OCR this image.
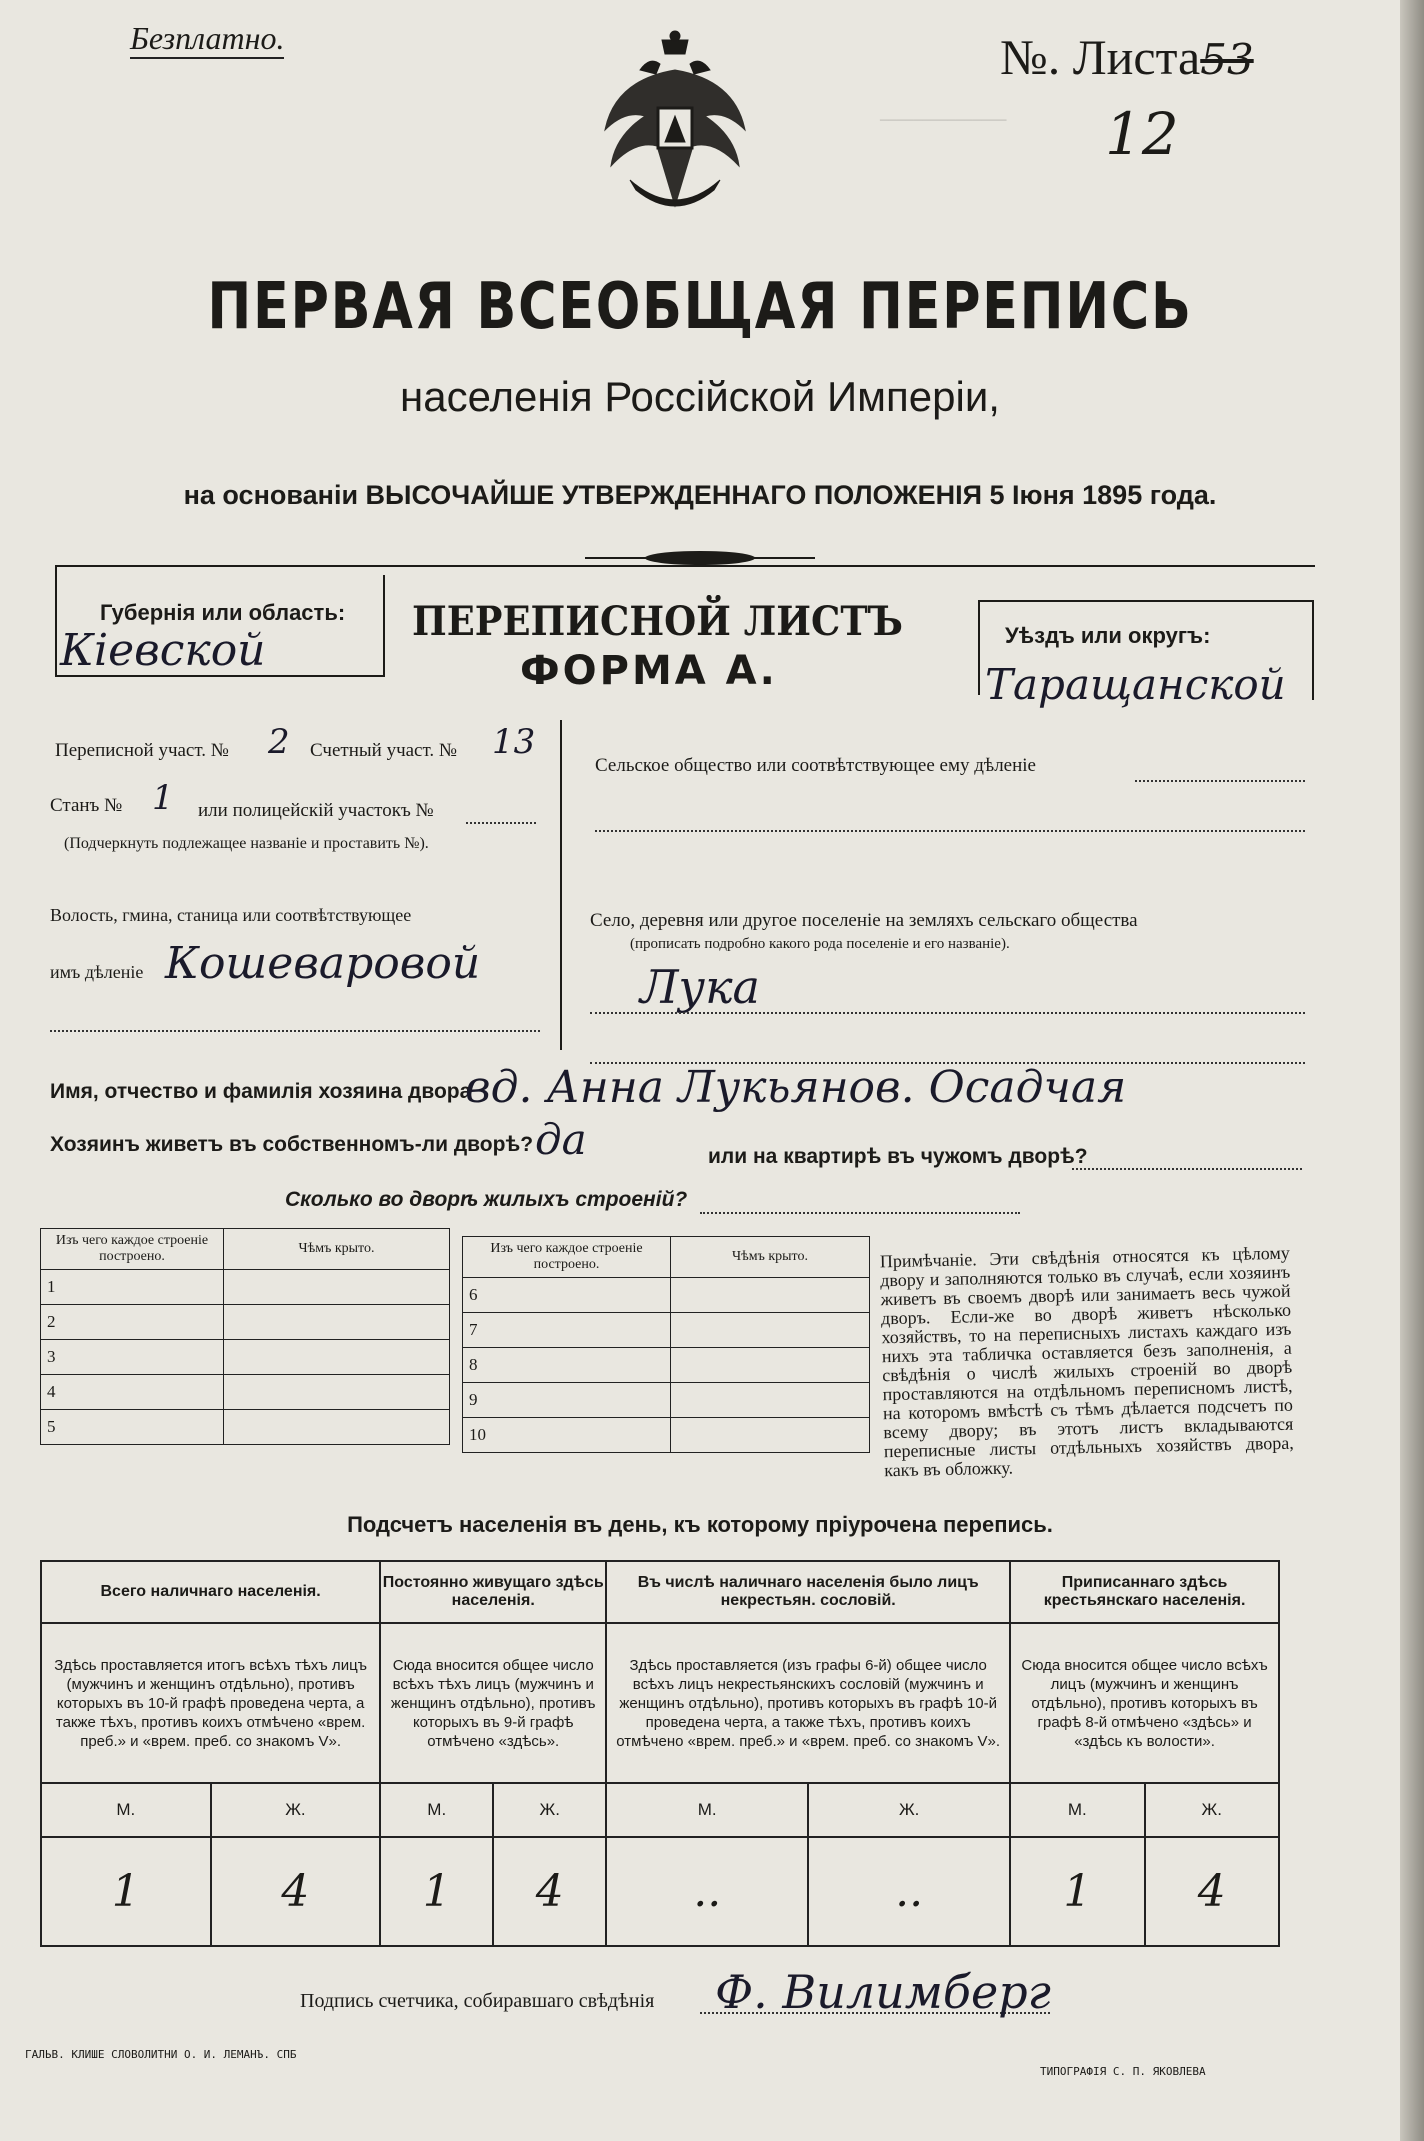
───────────────
Безплатно.	№. Листа53
12
ПЕРВАЯ ВСЕОБЩАЯ ПЕРЕПИСЬ
населенія Россійской Имперіи,
на основаніи ВЫСОЧАЙШЕ УТВЕРЖДЕННАГО ПОЛОЖЕНІЯ 5 Іюня 1895 года.
Губернія или область:
Кіевской
ПЕРЕПИСНОЙ ЛИСТЪ
ФОРМА А.
Уѣздъ или округъ:
Таращанской
Переписной участ. № 2 Счетный участ. № 13
Станъ № 1 или полицейскій участокъ №
(Подчеркнуть подлежащее названіе и проставить №).
Волость, гмина, станица или соотвѣтствующее
имъ дѣленіе Кошеваровой
Сельское общество или соотвѣтствующее ему дѣленіе
Село, деревня или другое поселеніе на земляхъ сельскаго общества
(прописать подробно какого рода поселеніе и его названіе).
Лука
Имя, отчество и фамилія хозяина двора
вд. Анна Лукьянов. Осадчая
Хозяинъ живетъ въ собственномъ-ли дворѣ? да	или на квартирѣ въ чужомъ дворѣ?
Сколько во дворѣ жилыхъ строеній?
Изъ чего каждое строеніе построено.	Чѣмъ крыто.
1	
2	
3	
4	
5	
Изъ чего каждое строеніе построено.	Чѣмъ крыто.
6	
7	
8	
9	
10	
Примѣчаніе. Эти свѣдѣнія относятся къ цѣлому двору и заполняются только въ случаѣ, если хозяинъ живетъ въ своемъ дворѣ или занимаетъ весь чужой дворъ. Если-же во дворѣ живетъ нѣсколько хозяйствъ, то на переписныхъ листахъ каждаго изъ нихъ эта табличка оставляется безъ заполненія, а свѣдѣнія о числѣ жилыхъ строеній во дворѣ проставляются на отдѣльномъ переписномъ листѣ, на которомъ вмѣстѣ съ тѣмъ дѣлается подсчетъ по всему двору; въ этотъ листъ вкладываются переписные листы отдѣльныхъ хозяйствъ двора, какъ въ обложку.
Подсчетъ населенія въ день, къ которому пріурочена перепись.
Всего наличнаго населенія.		Постоянно живущаго здѣсь населенія.		Въ числѣ наличнаго населенія было лицъ некрестьян. сословій.		Приписаннаго здѣсь крестьянскаго населенія.	
Здѣсь проставляется итогъ всѣхъ тѣхъ лицъ (мужчинъ и женщинъ отдѣльно), противъ которыхъ въ 10-й графѣ проведена черта, а также тѣхъ, противъ коихъ отмѣчено «врем. преб.» и «врем. преб. со знакомъ V».		Сюда вносится общее число всѣхъ тѣхъ лицъ (мужчинъ и женщинъ отдѣльно), противъ которыхъ въ 9-й графѣ отмѣчено «здѣсь».		Здѣсь проставляется (изъ графы 6-й) общее число всѣхъ лицъ некрестьянскихъ сословій (мужчинъ и женщинъ отдѣльно), противъ которыхъ въ графѣ 10-й проведена черта, а также тѣхъ, противъ коихъ отмѣчено «врем. преб.» и «врем. преб. со знакомъ V».		Сюда вносится общее число всѣхъ лицъ (мужчинъ и женщинъ отдѣльно), противъ которыхъ въ графѣ 8-й отмѣчено «здѣсь» и «здѣсь къ волости».	
М.	Ж.	М.	Ж.	М.	Ж.	М.	Ж.
1	4	1	4	..	..	1	4
Подпись счетчика, собиравшаго свѣдѣнія Ф. Вилимберг
ГАЛЬВ. КЛИШЕ СЛОВОЛИТНИ О. И. ЛЕМАНЪ. СПБ
ТИПОГРАФІЯ С. П. ЯКОВЛЕВА
